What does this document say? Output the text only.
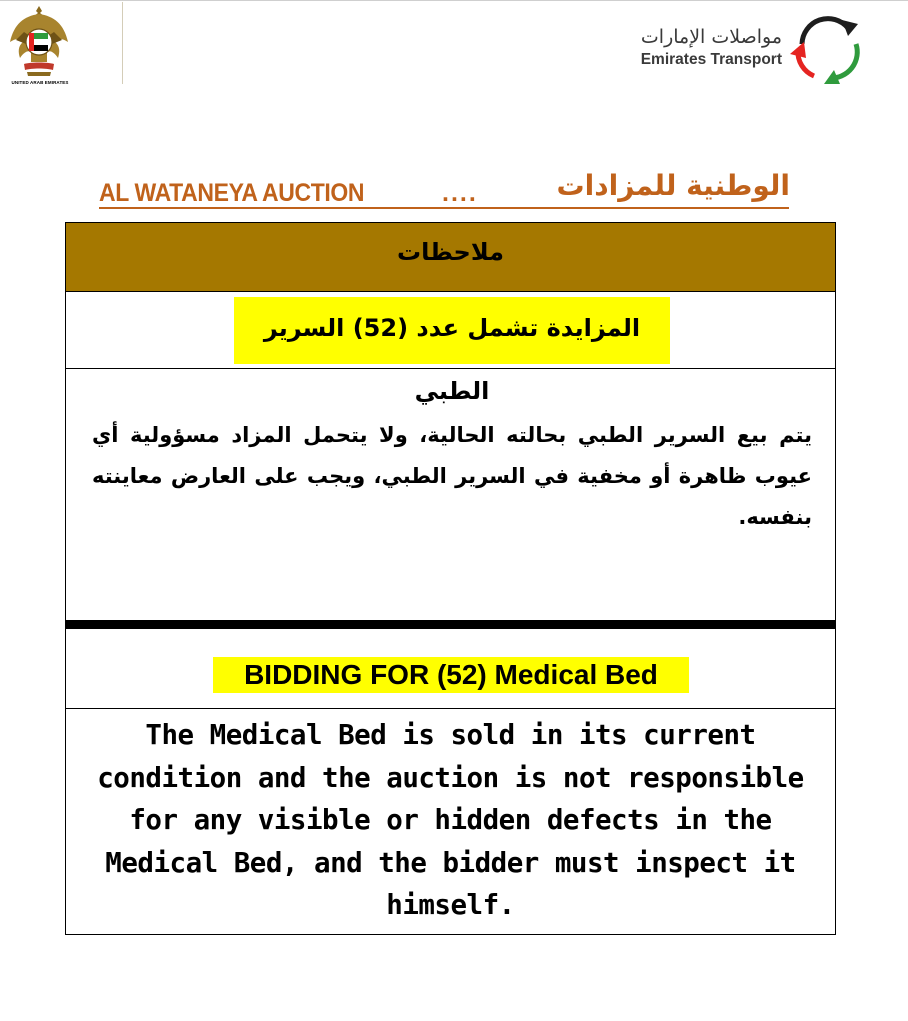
UNITED ARAB EMIRATES
مواصلات الإمارات
Emirates Transport
AL WATANEYA AUCTION	....	الوطنية للمزادات
ملاحظات
المزايدة تشمل عدد (52) السرير الطبي
يتم بيع السرير الطبي بحالته الحالية، ولا يتحمل المزاد مسؤولية أي عيوب ظاهرة أو مخفية في السرير الطبي، ويجب على العارض معاينته بنفسه.
BIDDING FOR (52) Medical Bed
The Medical Bed is sold in its current condition and the auction is not responsible for any visible or hidden defects in the Medical Bed, and the bidder must inspect it himself.
